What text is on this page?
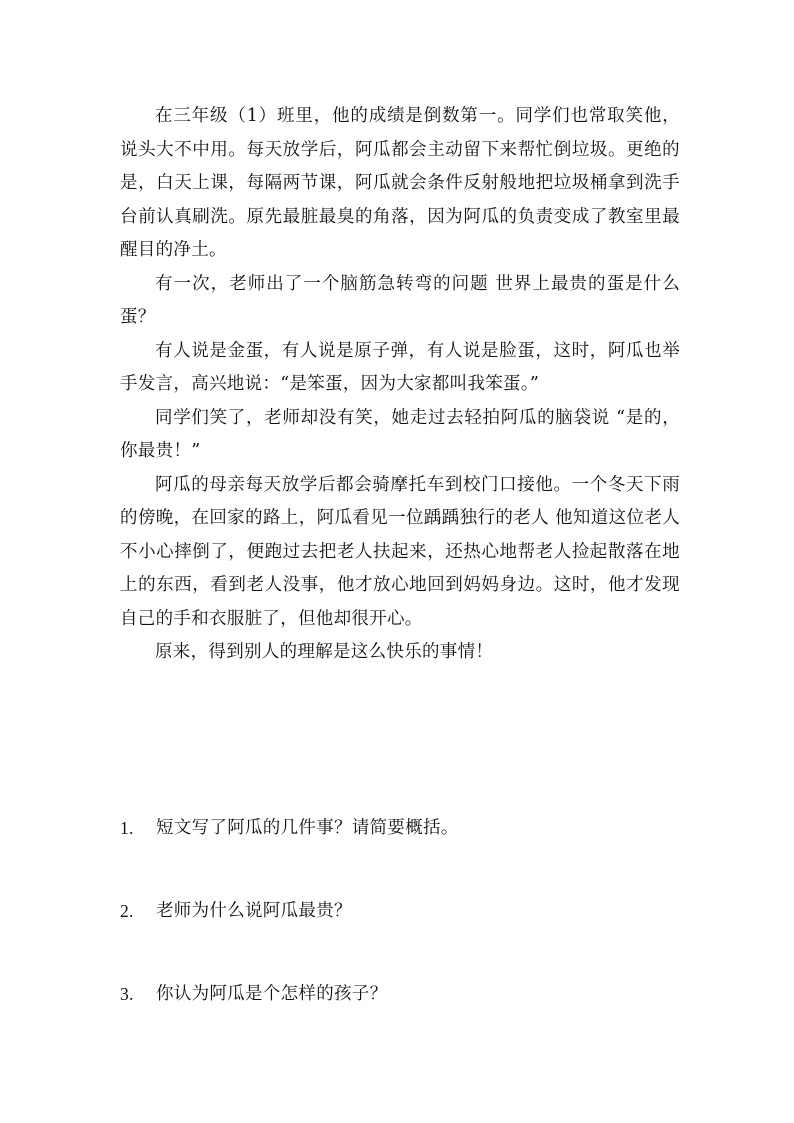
在三年级（1）班里，他的成绩是倒数第一。同学们也常取笑他，说头大不中用。每天放学后，阿瓜都会主动留下来帮忙倒垃圾。更绝的是，白天上课，每隔两节课，阿瓜就会条件反射般地把垃圾桶拿到洗手台前认真刷洗。原先最脏最臭的角落，因为阿瓜的负责变成了教室里最醒目的净土。

有一次，老师出了一个脑筋急转弯的问题 世界上最贵的蛋是什么蛋？

有人说是金蛋，有人说是原子弹，有人说是脸蛋，这时，阿瓜也举手发言，高兴地说：“是笨蛋，因为大家都叫我笨蛋。”

同学们笑了，老师却没有笑，她走过去轻拍阿瓜的脑袋说 “是的，你最贵！”

阿瓜的母亲每天放学后都会骑摩托车到校门口接他。一个冬天下雨的傍晚，在回家的路上，阿瓜看见一位踽踽独行的老人 他知道这位老人不小心摔倒了，便跑过去把老人扶起来，还热心地帮老人捡起散落在地上的东西，看到老人没事，他才放心地回到妈妈身边。这时，他才发现自己的手和衣服脏了，但他却很开心。

原来，得到别人的理解是这么快乐的事情！

1.	短文写了阿瓜的几件事？请简要概括。
2.	老师为什么说阿瓜最贵？
3.	你认为阿瓜是个怎样的孩子？
